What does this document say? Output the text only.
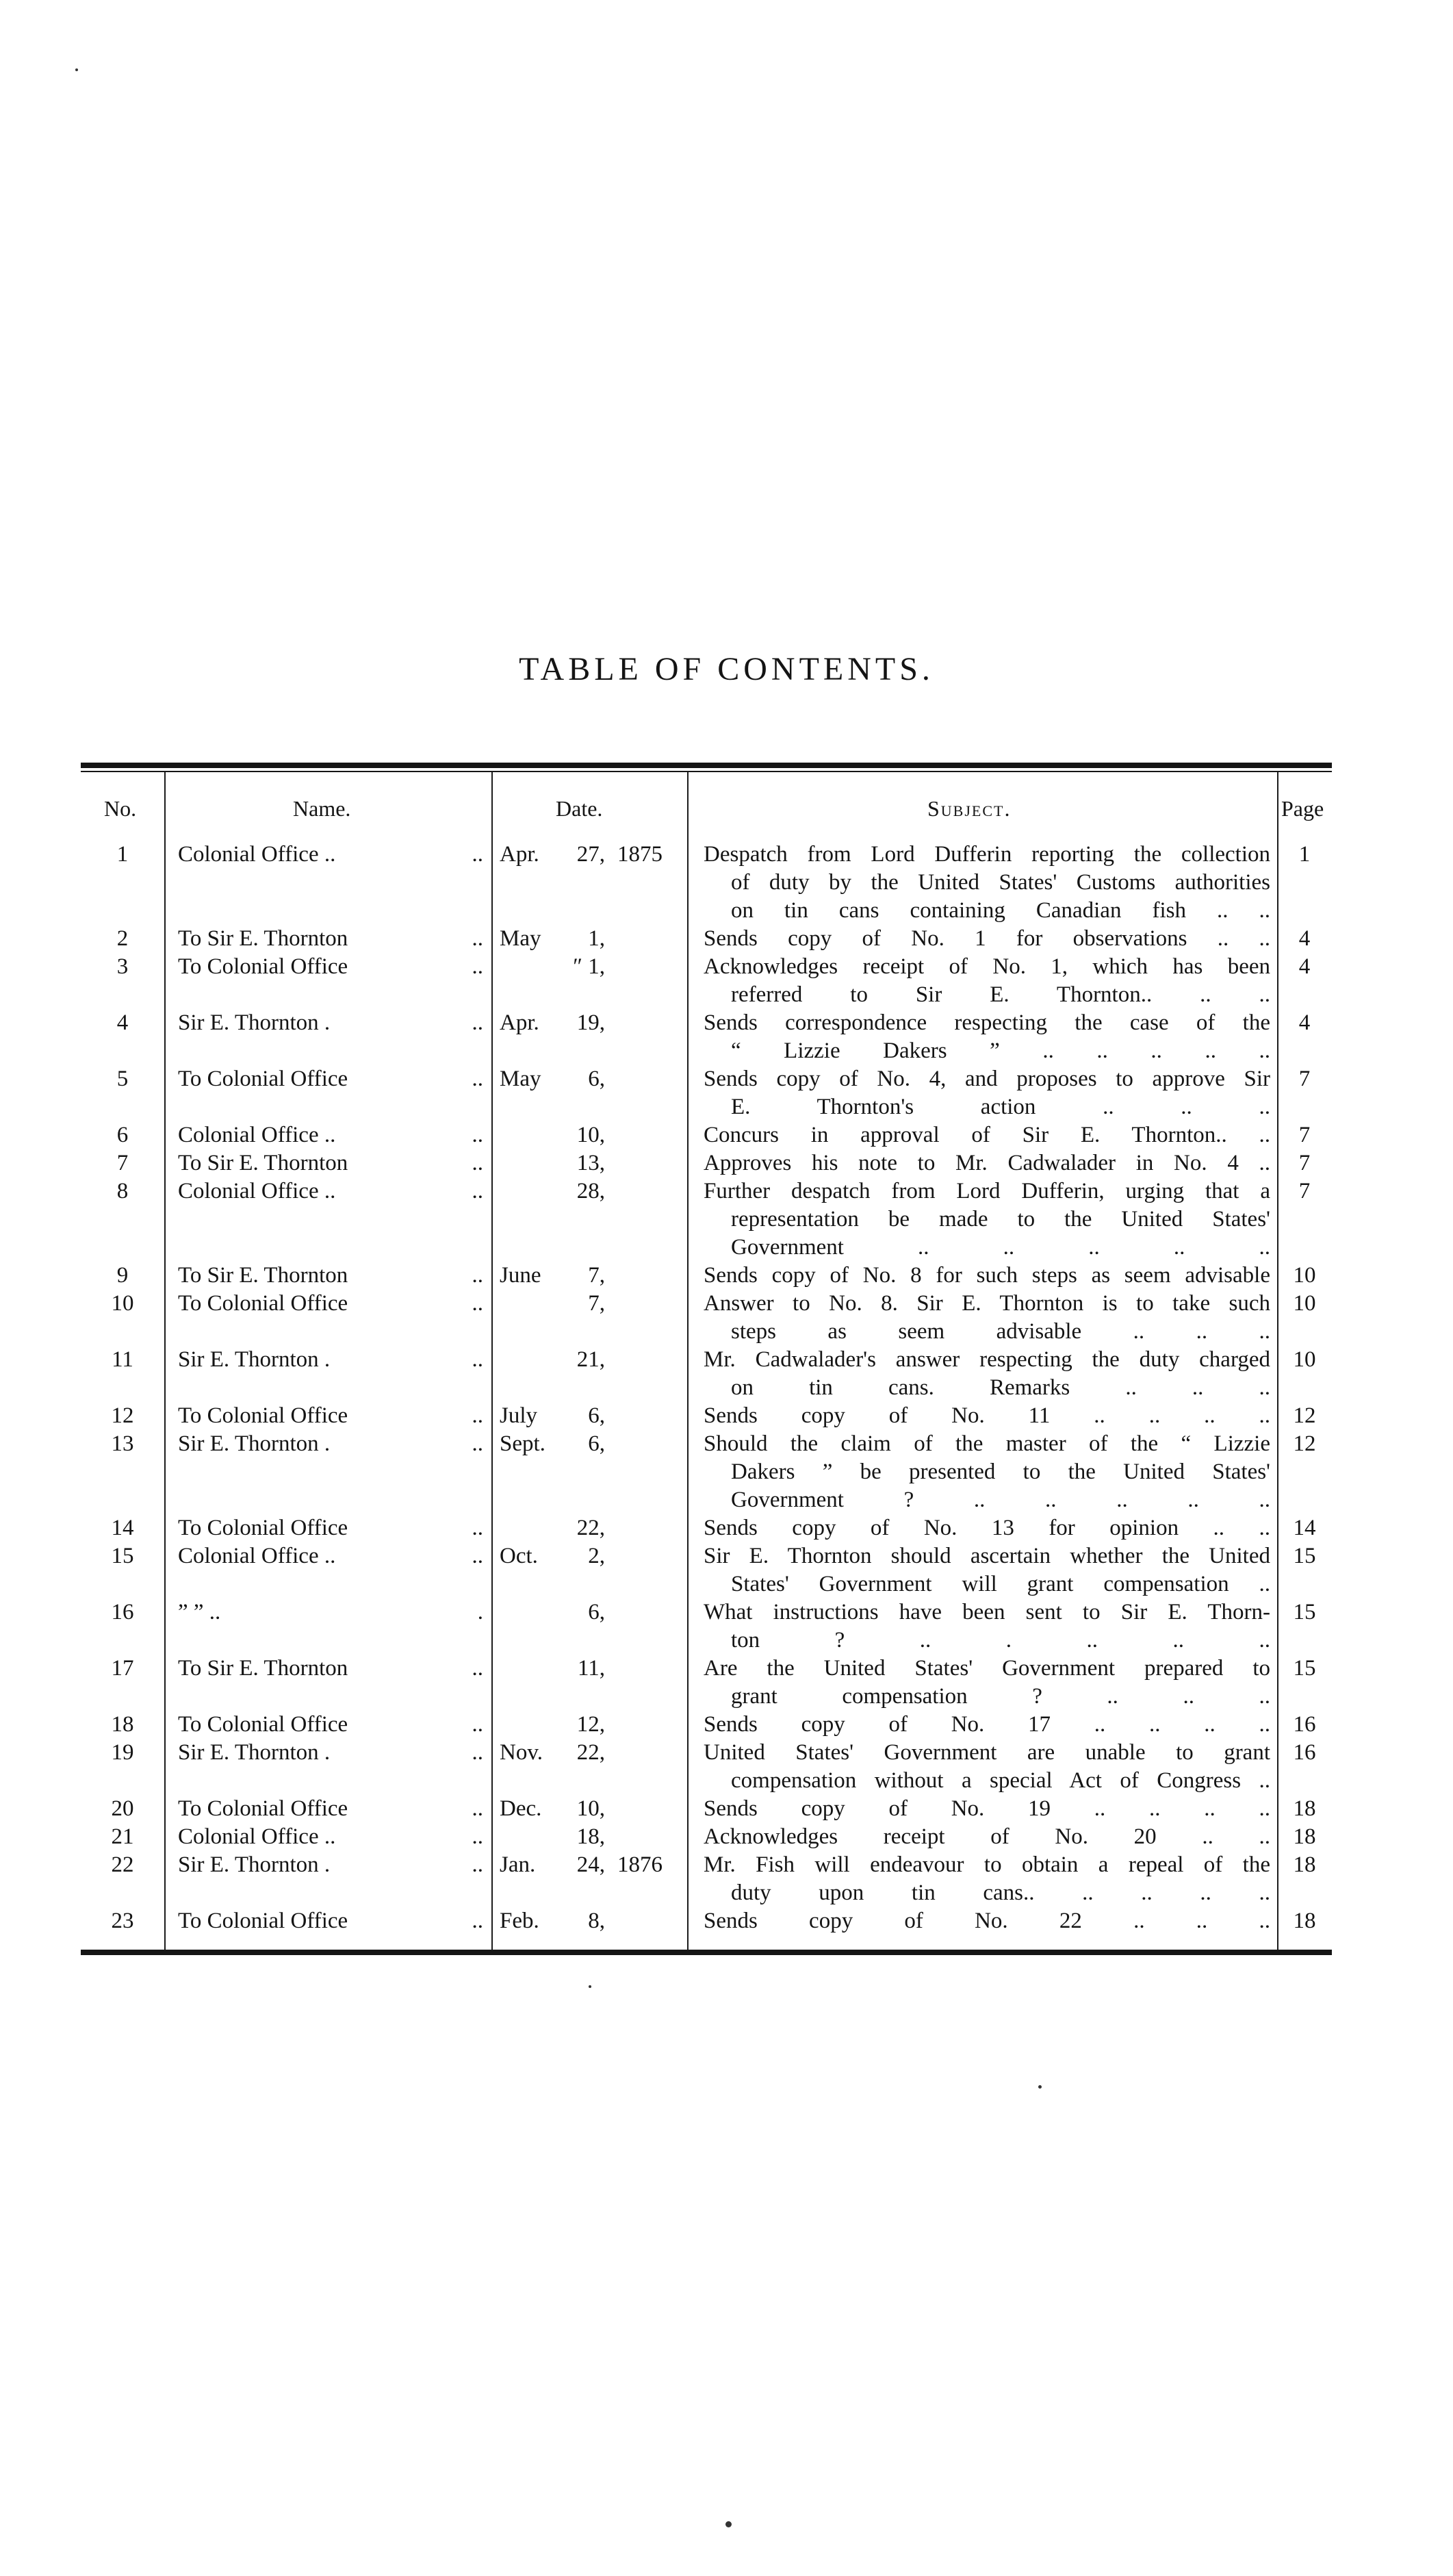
TABLE OF CONTENTS.
No.	Name.	Date.	Subject.	Page
1	Colonial Office .. ..	Apr. 27, 1875	Despatch from Lord Dufferin reporting the collection
of duty by the United States' Customs authorities
on tin cans containing Canadian fish .. ..	1
2	To Sir E. Thornton ..	May 1,	Sends copy of No. 1 for observations .. ..	4
3	To Colonial Office ..	″ 1,	Acknowledges receipt of No. 1, which has been
referred to Sir E. Thornton.. .. ..	4
4	Sir E. Thornton . ..	Apr. 19,	Sends correspondence respecting the case of the
“ Lizzie Dakers ” .. .. .. .. ..	4
5	To Colonial Office ..	May 6,	Sends copy of No. 4, and proposes to approve Sir
E. Thornton's action .. .. ..	7
6	Colonial Office .. ..	10,	Concurs in approval of Sir E. Thornton.. ..	7
7	To Sir E. Thornton ..	13,	Approves his note to Mr. Cadwalader in No. 4 ..	7
8	Colonial Office .. ..	28,	Further despatch from Lord Dufferin, urging that a
representation be made to the United States'
Government .. .. .. .. ..	7
9	To Sir E. Thornton ..	June 7,	Sends copy of No. 8 for such steps as seem advisable	10
10	To Colonial Office ..	7,	Answer to No. 8. Sir E. Thornton is to take such
steps as seem advisable .. .. ..	10
11	Sir E. Thornton . ..	21,	Mr. Cadwalader's answer respecting the duty charged
on tin cans. Remarks .. .. ..	10
12	To Colonial Office ..	July 6,	Sends copy of No. 11 .. .. .. ..	12
13	Sir E. Thornton . ..	Sept. 6,	Should the claim of the master of the “ Lizzie
Dakers ” be presented to the United States'
Government ? .. .. .. .. ..	12
14	To Colonial Office ..	22,	Sends copy of No. 13 for opinion .. ..	14
15	Colonial Office .. ..	Oct. 2,	Sir E. Thornton should ascertain whether the United
States' Government will grant compensation ..	15
16	” ” .. .	6,	What instructions have been sent to Sir E. Thorn-
ton ? .. . .. .. ..	15
17	To Sir E. Thornton ..	11,	Are the United States' Government prepared to
grant compensation ? .. .. ..	15
18	To Colonial Office ..	12,	Sends copy of No. 17 .. .. .. ..	16
19	Sir E. Thornton . ..	Nov. 22,	United States' Government are unable to grant
compensation without a special Act of Congress ..	16
20	To Colonial Office ..	Dec. 10,	Sends copy of No. 19 .. .. .. ..	18
21	Colonial Office .. ..	18,	Acknowledges receipt of No. 20 .. ..	18
22	Sir E. Thornton . ..	Jan. 24, 1876	Mr. Fish will endeavour to obtain a repeal of the
duty upon tin cans.. .. .. .. ..	18
23	To Colonial Office ..	Feb. 8,	Sends copy of No. 22 .. .. ..	18
